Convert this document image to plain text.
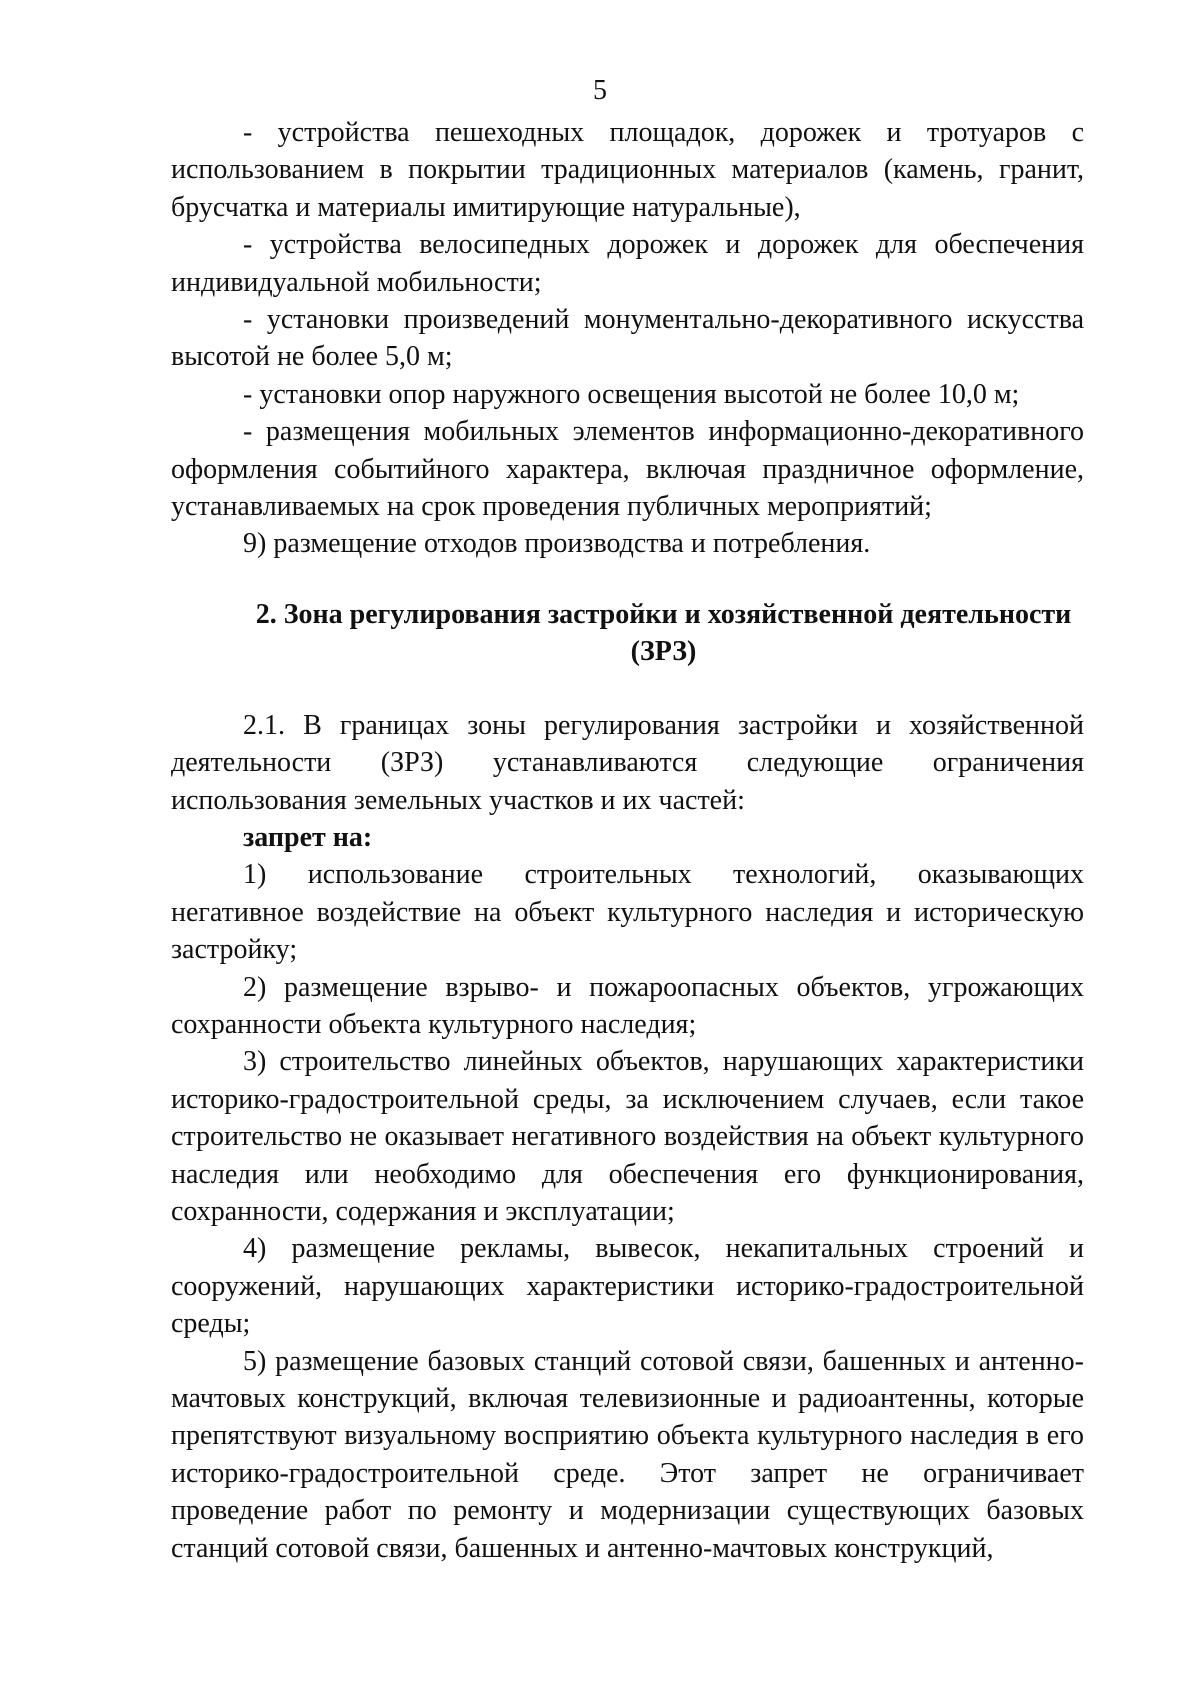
5

- устройства пешеходных площадок, дорожек и тротуаров с использованием в покрытии традиционных материалов (камень, гранит, брусчатка и материалы имитирующие натуральные),

- устройства велосипедных дорожек и дорожек для обеспечения индивидуальной мобильности;

- установки произведений монументально-декоративного искусства высотой не более 5,0 м;

- установки опор наружного освещения высотой не более 10,0 м;

- размещения мобильных элементов информационно-декоративного оформления событийного характера, включая праздничное оформление, устанавливаемых на срок проведения публичных мероприятий;

9) размещение отходов производства и потребления.

2. Зона регулирования застройки и хозяйственной деятельности
(ЗРЗ)

2.1. В границах зоны регулирования застройки и хозяйственной деятельности (ЗРЗ) устанавливаются следующие ограничения использования земельных участков и их частей:

запрет на:

1) использование строительных технологий, оказывающих негативное воздействие на объект культурного наследия и историческую застройку;

2) размещение взрыво- и пожароопасных объектов, угрожающих сохранности объекта культурного наследия;

3) строительство линейных объектов, нарушающих характеристики историко-градостроительной среды, за исключением случаев, если такое строительство не оказывает негативного воздействия на объект культурного наследия или необходимо для обеспечения его функционирования, сохранности, содержания и эксплуатации;

4) размещение рекламы, вывесок, некапитальных строений и сооружений, нарушающих характеристики историко-градостроительной среды;

5) размещение базовых станций сотовой связи, башенных и антенно-мачтовых конструкций, включая телевизионные и радиоантенны, которые препятствуют визуальному восприятию объекта культурного наследия в его историко-градостроительной среде. Этот запрет не ограничивает проведение работ по ремонту и модернизации существующих базовых станций сотовой связи, башенных и антенно-мачтовых конструкций,
